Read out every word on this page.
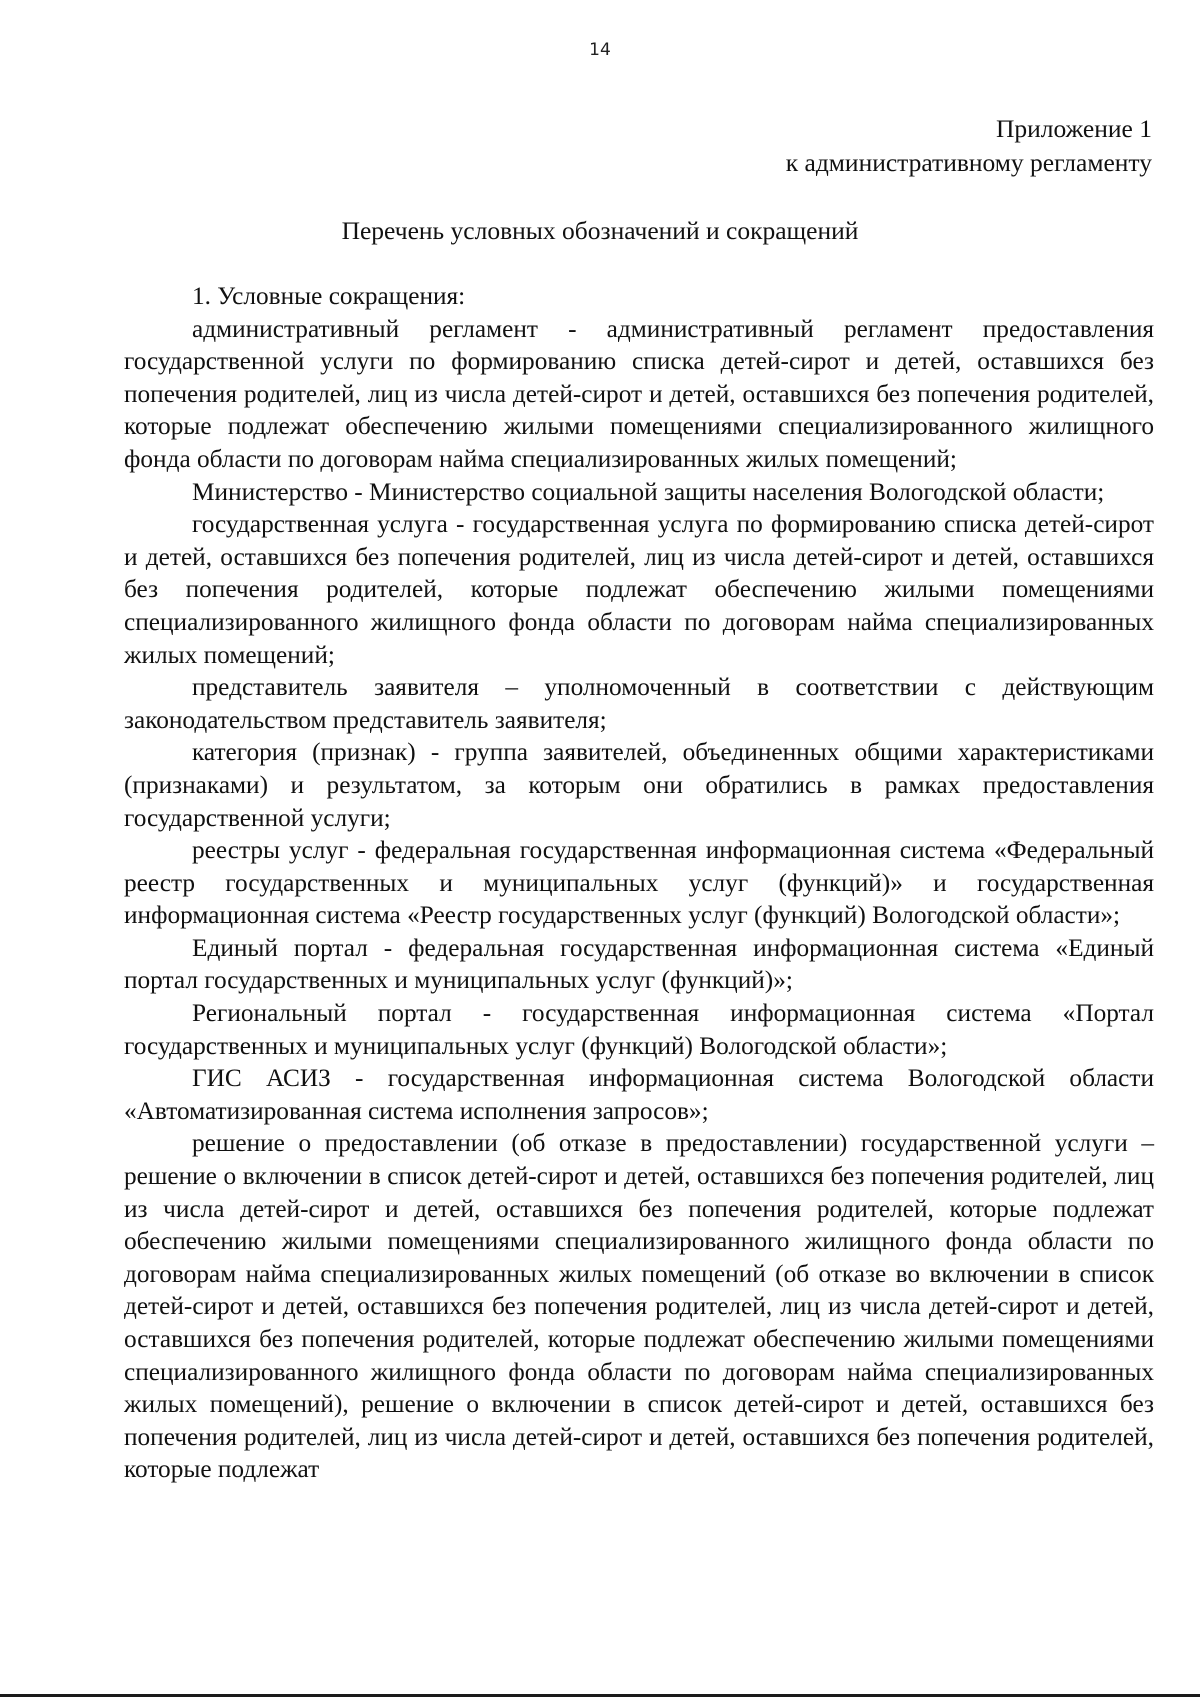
14
Приложение 1
к административному регламенту
Перечень условных обозначений и сокращений

1. Условные сокращения:

административный регламент - административный регламент предоставления государственной услуги по формированию списка детей-сирот и детей, оставшихся без попечения родителей, лиц из числа детей-сирот и детей, оставшихся без попечения родителей, которые подлежат обеспечению жилыми помещениями специализированного жилищного фонда области по договорам найма специализированных жилых помещений;

Министерство - Министерство социальной защиты населения Вологодской области;

государственная услуга - государственная услуга по формированию списка детей-сирот и детей, оставшихся без попечения родителей, лиц из числа детей-сирот и детей, оставшихся без попечения родителей, которые подлежат обеспечению жилыми помещениями специализированного жилищного фонда области по договорам найма специализированных жилых помещений;

представитель заявителя – уполномоченный в соответствии с действующим законодательством представитель заявителя;

категория (признак) - группа заявителей, объединенных общими характеристиками (признаками) и результатом, за которым они обратились в рамках предоставления государственной услуги;

реестры услуг - федеральная государственная информационная система «Федеральный реестр государственных и муниципальных услуг (функций)» и государственная информационная система «Реестр государственных услуг (функций) Вологодской области»;

Единый портал - федеральная государственная информационная система «Единый портал государственных и муниципальных услуг (функций)»;

Региональный портал - государственная информационная система «Портал государственных и муниципальных услуг (функций) Вологодской области»;

ГИС АСИЗ - государственная информационная система Вологодской области «Автоматизированная система исполнения запросов»;

решение о предоставлении (об отказе в предоставлении) государственной услуги – решение о включении в список детей-сирот и детей, оставшихся без попечения родителей, лиц из числа детей-сирот и детей, оставшихся без попечения родителей, которые подлежат обеспечению жилыми помещениями специализированного жилищного фонда области по договорам найма специализированных жилых помещений (об отказе во включении в список детей-сирот и детей, оставшихся без попечения родителей, лиц из числа детей-сирот и детей, оставшихся без попечения родителей, которые подлежат обеспечению жилыми помещениями специализированного жилищного фонда области по договорам найма специализированных жилых помещений), решение о включении в список детей-сирот и детей, оставшихся без попечения родителей, лиц из числа детей-сирот и детей, оставшихся без попечения родителей, которые подлежат
